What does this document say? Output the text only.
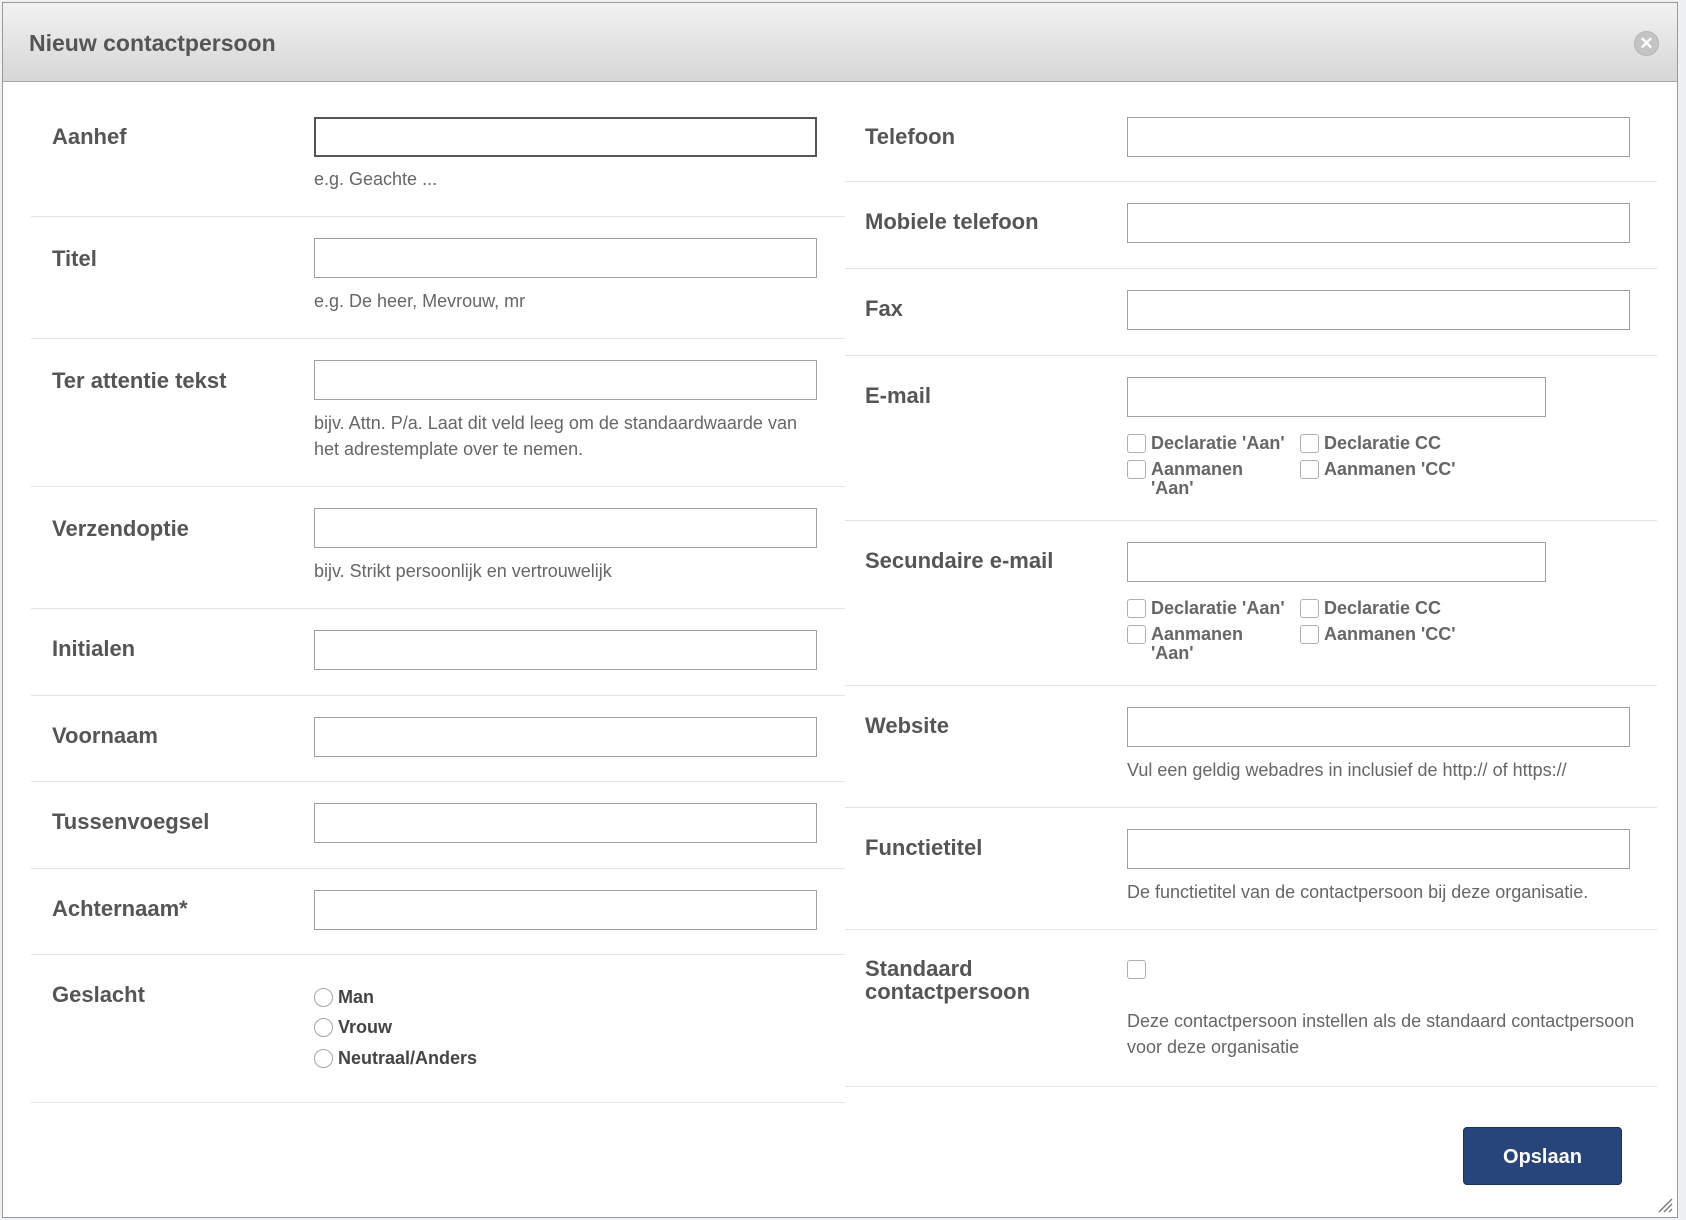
Nieuw contactpersoon	✕
Aanhef
e.g. Geachte ...
Titel
e.g. De heer, Mevrouw, mr
Ter attentie tekst
bijv. Attn. P/a. Laat dit veld leeg om de standaardwaarde van het adrestemplate over te nemen.
Verzendoptie
bijv. Strikt persoonlijk en vertrouwelijk
Initialen
Voornaam
Tussenvoegsel
Achternaam*
Geslacht	Man
Vrouw
Neutraal/Anders
Telefoon
Mobiele telefoon
Fax
E-mail
Declaratie 'Aan' Declaratie CC
Aanmanen 'Aan'
Aanmanen 'CC'
Secundaire e-mail
Declaratie 'Aan' Declaratie CC
Aanmanen 'Aan'
Aanmanen 'CC'
Website
Vul een geldig webadres in inclusief de http:// of https://
Functietitel
De functietitel van de contactpersoon bij deze organisatie.
Standaard contactpersoon
Deze contactpersoon instellen als de standaard contactpersoon voor deze organisatie
Opslaan
